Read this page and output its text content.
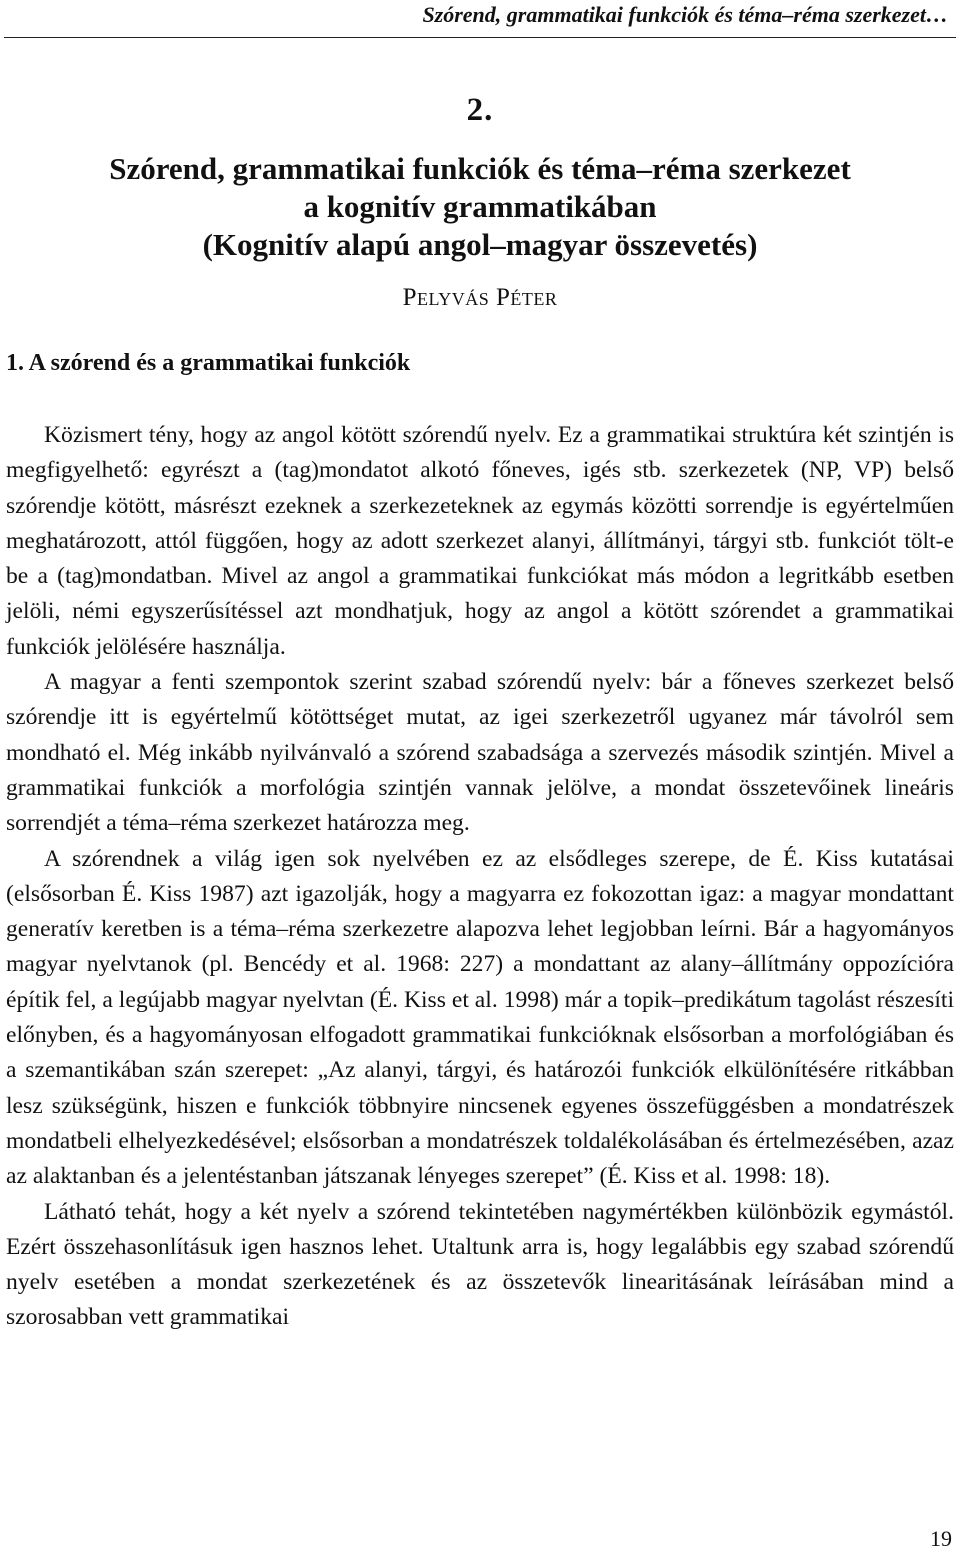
Szórend, grammatikai funkciók és téma–réma szerkezet…
2.
Szórend, grammatikai funkciók és téma–réma szerkezet
a kognitív grammatikában
(Kognitív alapú angol–magyar összevetés)
Pelyvás Péter
1. A szórend és a grammatikai funkciók

Közismert tény, hogy az angol kötött szórendű nyelv. Ez a grammatikai struktúra két szintjén is megfigyelhető: egyrészt a (tag)mondatot alkotó főneves, igés stb. szerkezetek (NP, VP) belső szórendje kötött, másrészt ezeknek a szerkezeteknek az egymás közötti sorrendje is egyértelműen meghatározott, attól függően, hogy az adott szerkezet alanyi, állítmányi, tárgyi stb. funkciót tölt-e be a (tag)mondatban. Mivel az angol a grammatikai funkciókat más módon a legritkább esetben jelöli, némi egyszerűsítéssel azt mondhatjuk, hogy az angol a kötött szórendet a grammatikai funkciók jelölésére használja.

A magyar a fenti szempontok szerint szabad szórendű nyelv: bár a főneves szerkezet belső szórendje itt is egyértelmű kötöttséget mutat, az igei szerkezetről ugyanez már távolról sem mondható el. Még inkább nyilvánvaló a szórend szabadsága a szervezés második szintjén. Mivel a grammatikai funkciók a morfológia szintjén vannak jelölve, a mondat összetevőinek lineáris sorrendjét a téma–réma szerkezet határozza meg.

A szórendnek a világ igen sok nyelvében ez az elsődleges szerepe, de É. Kiss kutatásai (elsősorban É. Kiss 1987) azt igazolják, hogy a magyarra ez fokozottan igaz: a magyar mondattant generatív keretben is a téma–réma szerkezetre alapozva lehet legjobban leírni. Bár a hagyományos magyar nyelvtanok (pl. Bencédy et al. 1968: 227) a mondattant az alany–állítmány oppozícióra építik fel, a legújabb magyar nyelvtan (É. Kiss et al. 1998) már a topik–predikátum tagolást részesíti előnyben, és a hagyományosan elfogadott grammatikai funkcióknak elsősorban a morfológiában és a szemantikában szán szerepet: „Az alanyi, tárgyi, és határozói funkciók elkülönítésére ritkábban lesz szükségünk, hiszen e funkciók többnyire nincsenek egyenes összefüggésben a mondatrészek mondatbeli elhelyezkedésével; elsősorban a mondatrészek toldalékolásában és értelmezésében, azaz az alaktanban és a jelentéstanban játszanak lényeges szerepet” (É. Kiss et al. 1998: 18).

Látható tehát, hogy a két nyelv a szórend tekintetében nagymértékben különbözik egymástól. Ezért összehasonlításuk igen hasznos lehet. Utaltunk arra is, hogy legalábbis egy szabad szórendű nyelv esetében a mondat szerkezetének és az összetevők linearitásának leírásában mind a szorosabban vett grammatikai

19
